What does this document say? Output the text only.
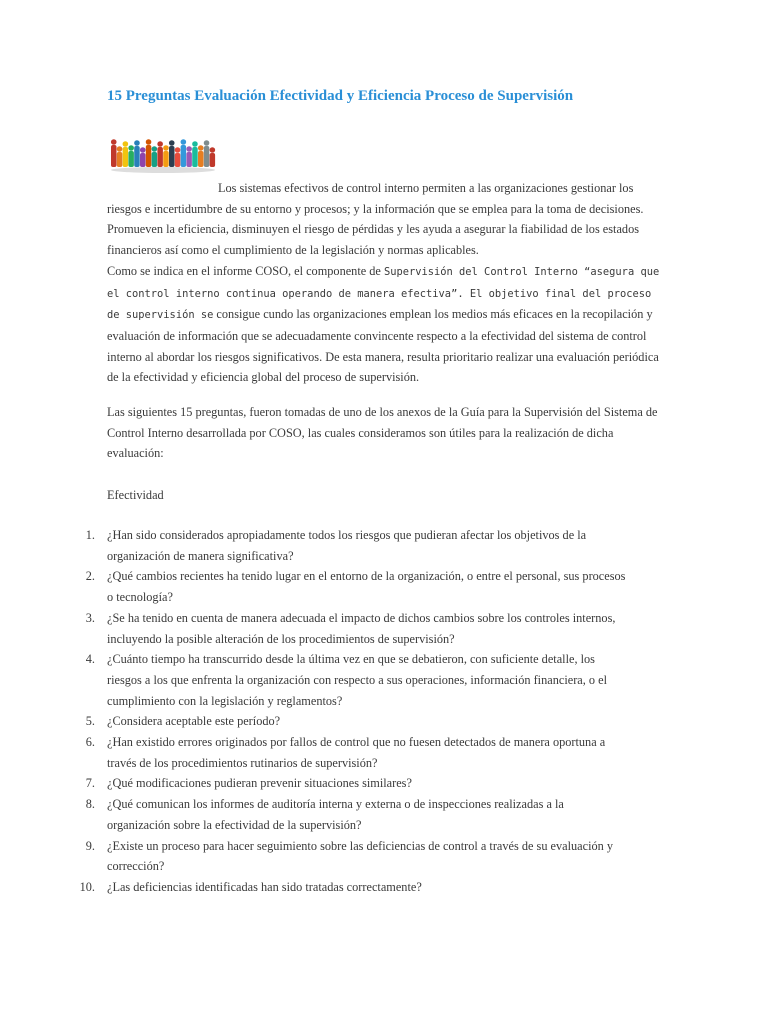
15 Preguntas Evaluación Efectividad y Eficiencia Proceso de Supervisión

Los sistemas efectivos de control interno permiten a las organizaciones gestionar los riesgos e incertidumbre de su entorno y procesos; y la información que se emplea para la toma de decisiones. Promueven la eficiencia, disminuyen el riesgo de pérdidas y les ayuda a asegurar la fiabilidad de los estados financieros así como el cumplimiento de la legislación y normas aplicables.
Como se indica en el informe COSO, el componente de Supervisión del Control Interno “asegura que el control interno continua operando de manera efectiva”. El objetivo final del proceso de supervisión se consigue cundo las organizaciones emplean los medios más eficaces en la recopilación y evaluación de información que se adecuadamente convincente respecto a la efectividad del sistema de control interno al abordar los riesgos significativos. De esta manera, resulta prioritario realizar una evaluación periódica de la efectividad y eficiencia global del proceso de supervisión.

Las siguientes 15 preguntas, fueron tomadas de uno de los anexos de la Guía para la Supervisión del Sistema de Control Interno desarrollada por COSO, las cuales consideramos son útiles para la realización de dicha evaluación:

Efectividad

1. ¿Han sido considerados apropiadamente todos los riesgos que pudieran afectar los objetivos de la organización de manera significativa?
2. ¿Qué cambios recientes ha tenido lugar en el entorno de la organización, o entre el personal, sus procesos o tecnología?
3. ¿Se ha tenido en cuenta de manera adecuada el impacto de dichos cambios sobre los controles internos, incluyendo la posible alteración de los procedimientos de supervisión?
4. ¿Cuánto tiempo ha transcurrido desde la última vez en que se debatieron, con suficiente detalle, los riesgos a los que enfrenta la organización con respecto a sus operaciones, información financiera, o el cumplimiento con la legislación y reglamentos?
5. ¿Considera aceptable este período?
6. ¿Han existido errores originados por fallos de control que no fuesen detectados de manera oportuna a través de los procedimientos rutinarios de supervisión?
7. ¿Qué modificaciones pudieran prevenir situaciones similares?
8. ¿Qué comunican los informes de auditoría interna y externa o de inspecciones realizadas a la organización sobre la efectividad de la supervisión?
9. ¿Existe un proceso para hacer seguimiento sobre las deficiencias de control a través de su evaluación y corrección?
10. ¿Las deficiencias identificadas han sido tratadas correctamente?
